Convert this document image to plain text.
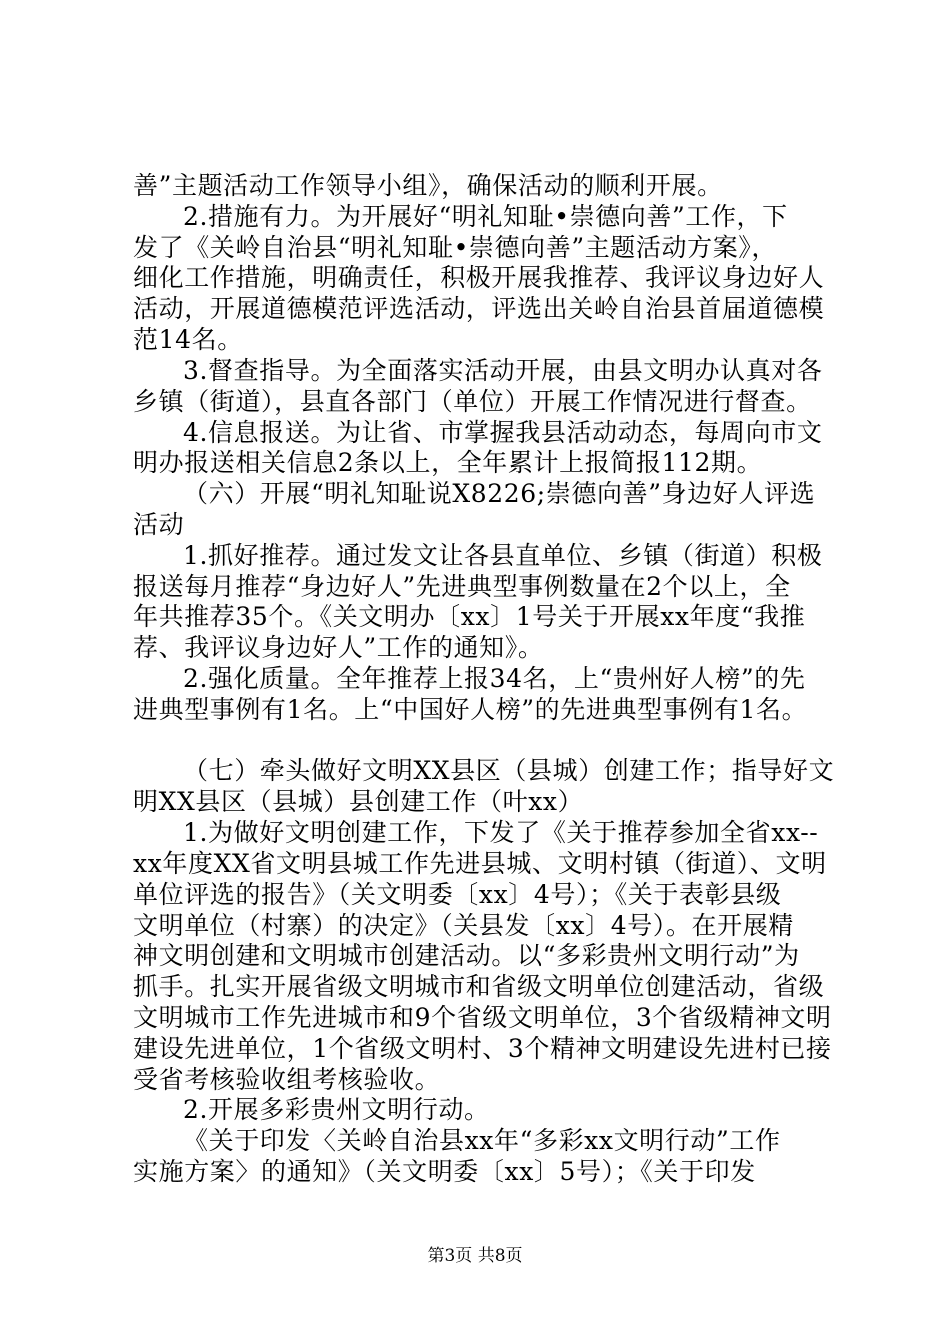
善”主题活动工作领导小组》，确保活动的顺利开展。
2.措施有力。为开展好“明礼知耻•崇德向善”工作，下
发了《关岭自治县“明礼知耻•崇德向善”主题活动方案》，
细化工作措施，明确责任，积极开展我推荐、我评议身边好人
活动，开展道德模范评选活动，评选出关岭自治县首届道德模
范14名。
3.督查指导。为全面落实活动开展，由县文明办认真对各
乡镇（街道），县直各部门（单位）开展工作情况进行督查。
4.信息报送。为让省、市掌握我县活动动态，每周向市文
明办报送相关信息2条以上，全年累计上报简报112期。
（六）开展“明礼知耻说X8226;崇德向善”身边好人评选
活动
1.抓好推荐。通过发文让各县直单位、乡镇（街道）积极
报送每月推荐“身边好人”先进典型事例数量在2个以上，全
年共推荐35个。《关文明办〔xx〕1号关于开展xx年度“我推
荐、我评议身边好人”工作的通知》。
2.强化质量。全年推荐上报34名，上“贵州好人榜”的先
进典型事例有1名。上“中国好人榜”的先进典型事例有1名。
（七）牵头做好文明XX县区（县城）创建工作；指导好文
明XX县区（县城）县创建工作（叶xx）
1.为做好文明创建工作，下发了《关于推荐参加全省xx--
xx年度XX省文明县城工作先进县城、文明村镇（街道）、文明
单位评选的报告》（关文明委〔xx〕4号）；《关于表彰县级
文明单位（村寨）的决定》（关县发〔xx〕4号）。在开展精
神文明创建和文明城市创建活动。以“多彩贵州文明行动”为
抓手。扎实开展省级文明城市和省级文明单位创建活动，省级
文明城市工作先进城市和9个省级文明单位，3个省级精神文明
建设先进单位，1个省级文明村、3个精神文明建设先进村已接
受省考核验收组考核验收。
2.开展多彩贵州文明行动。
《关于印发〈关岭自治县xx年“多彩xx文明行动”工作
实施方案〉的通知》（关文明委〔xx〕5号）；《关于印发
第3页 共8页
